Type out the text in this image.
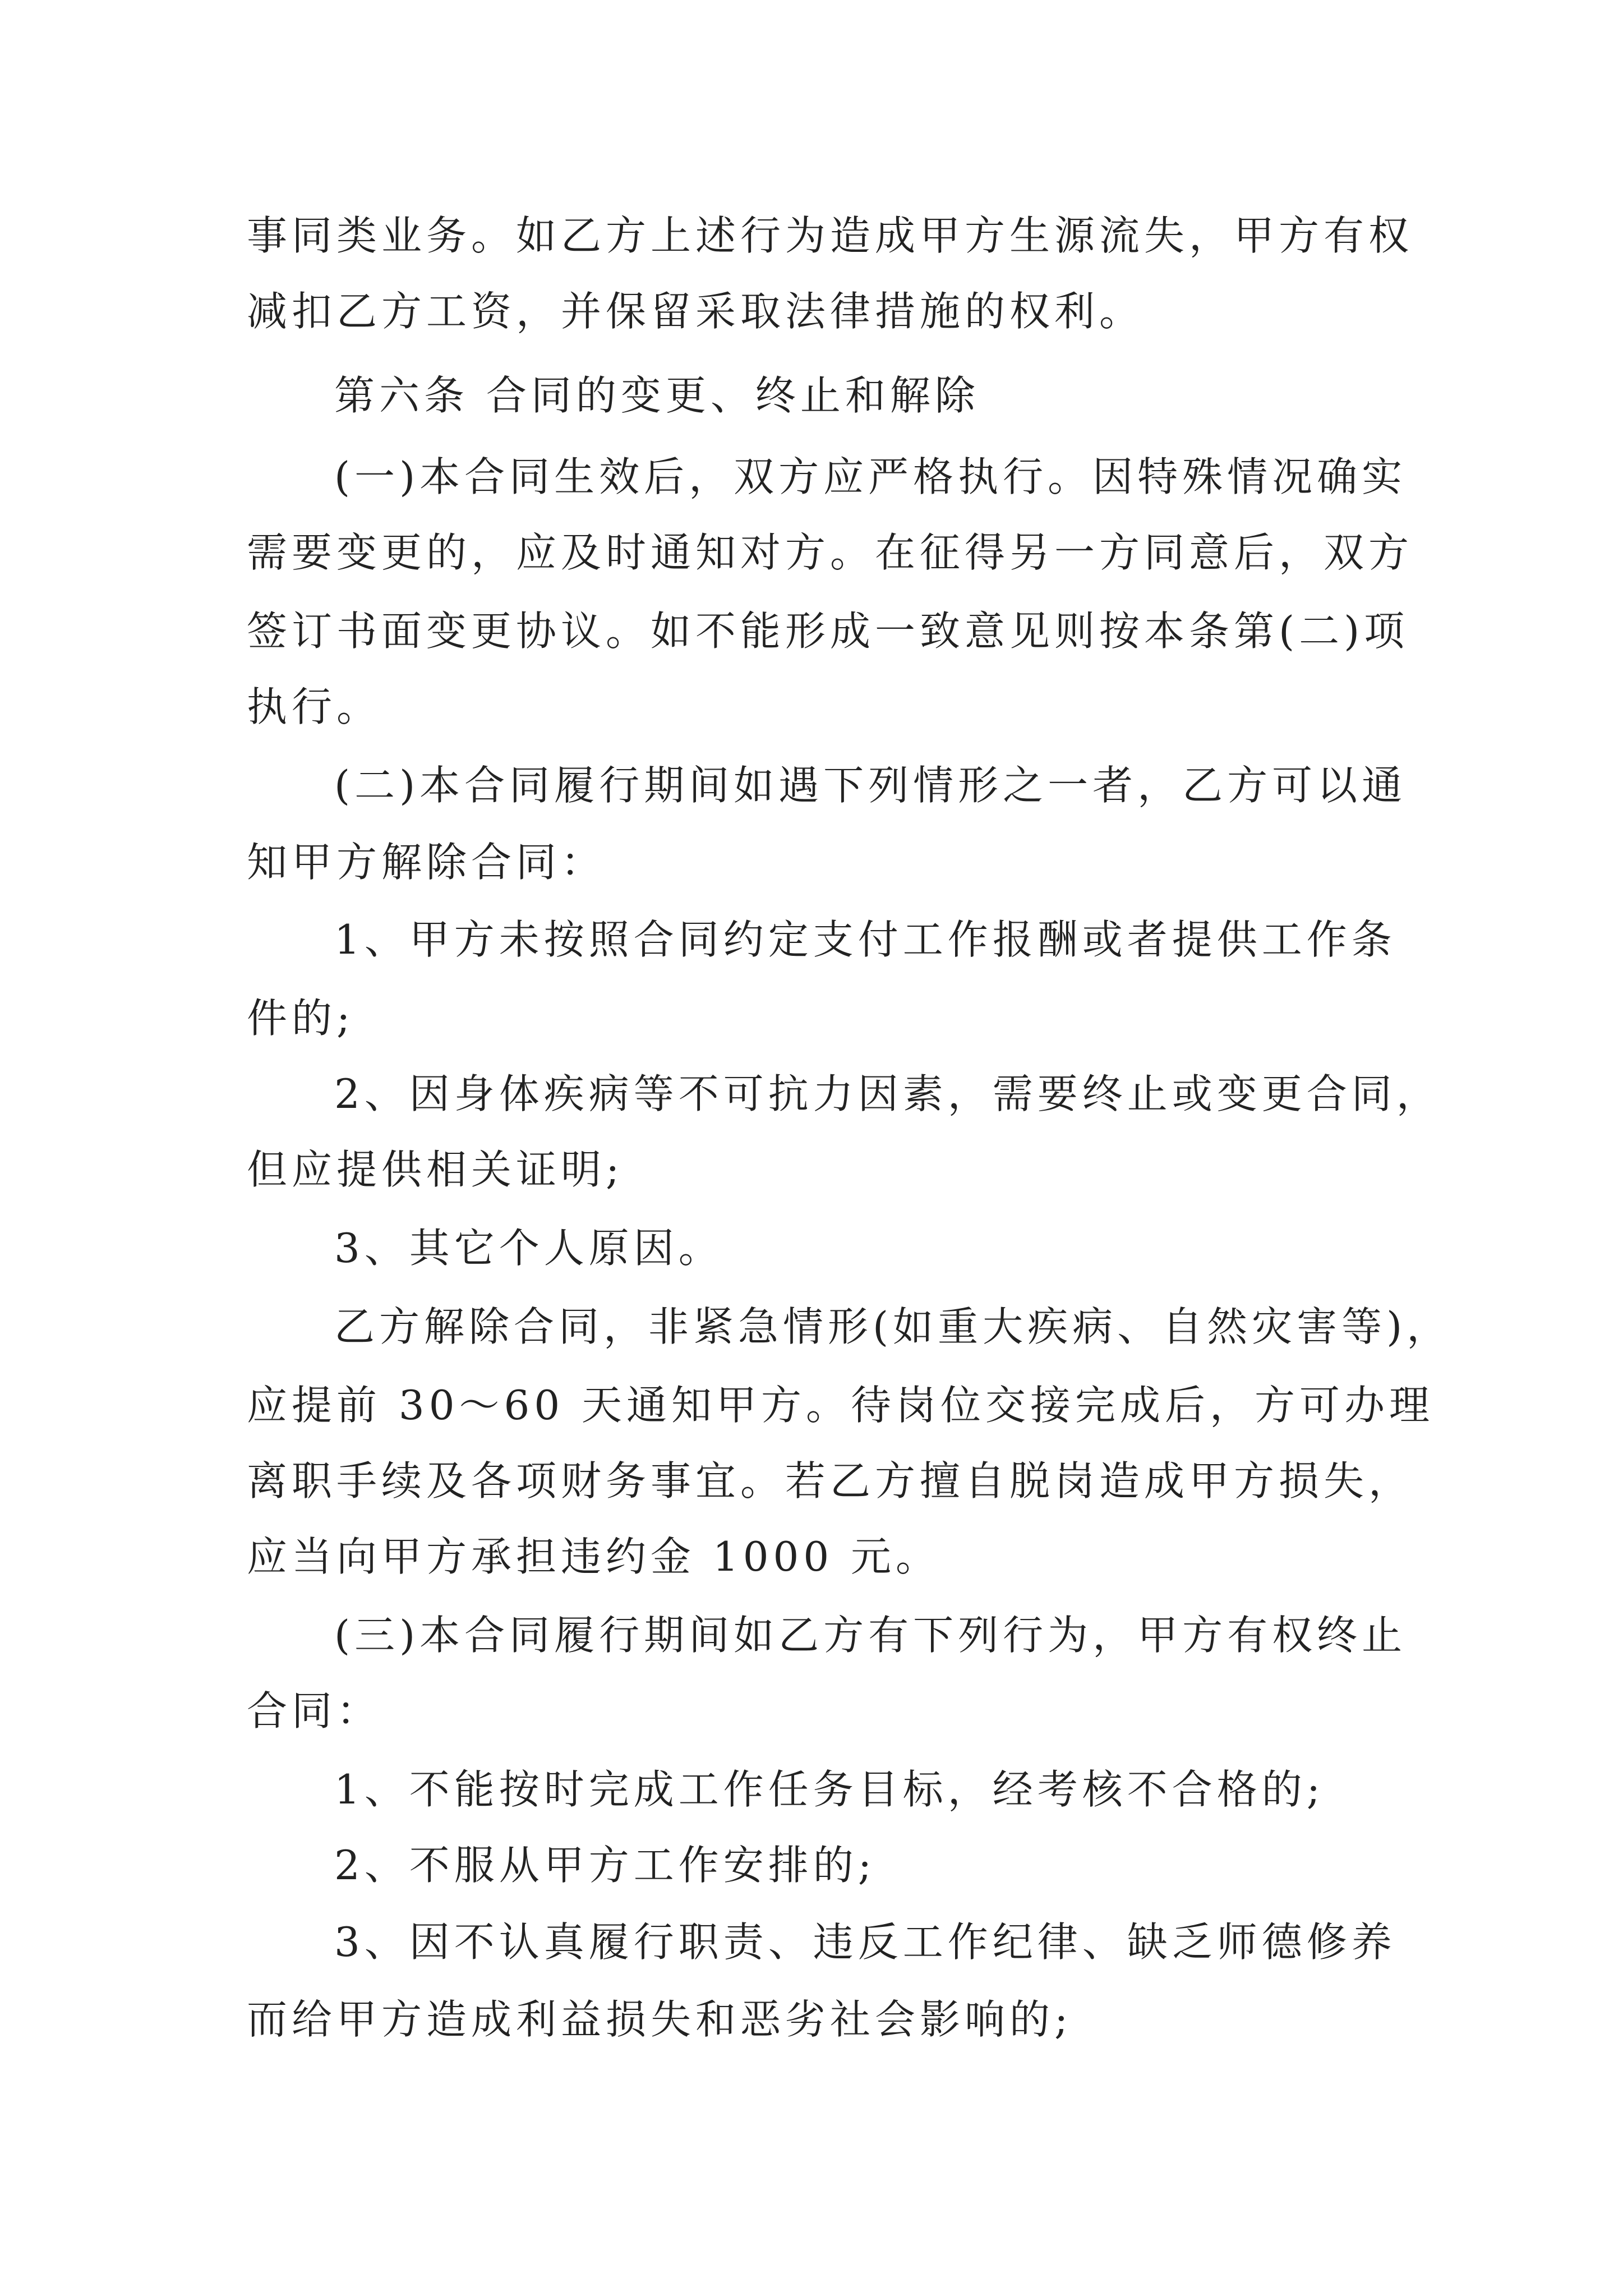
事同类业务。如乙方上述行为造成甲方生源流失，甲方有权
减扣乙方工资，并保留采取法律措施的权利。
第六条 合同的变更、终止和解除
(一)本合同生效后，双方应严格执行。因特殊情况确实
需要变更的，应及时通知对方。在征得另一方同意后，双方
签订书面变更协议。如不能形成一致意见则按本条第(二)项
执行。
(二)本合同履行期间如遇下列情形之一者，乙方可以通
知甲方解除合同：
1、甲方未按照合同约定支付工作报酬或者提供工作条
件的;
2、因身体疾病等不可抗力因素，需要终止或变更合同，
但应提供相关证明;
3、其它个人原因。
乙方解除合同，非紧急情形(如重大疾病、自然灾害等)，
应提前 30～60 天通知甲方。待岗位交接完成后，方可办理
离职手续及各项财务事宜。若乙方擅自脱岗造成甲方损失，
应当向甲方承担违约金 1000 元。
(三)本合同履行期间如乙方有下列行为，甲方有权终止
合同：
1、不能按时完成工作任务目标，经考核不合格的;
2、不服从甲方工作安排的;
3、因不认真履行职责、违反工作纪律、缺乏师德修养
而给甲方造成利益损失和恶劣社会影响的;
